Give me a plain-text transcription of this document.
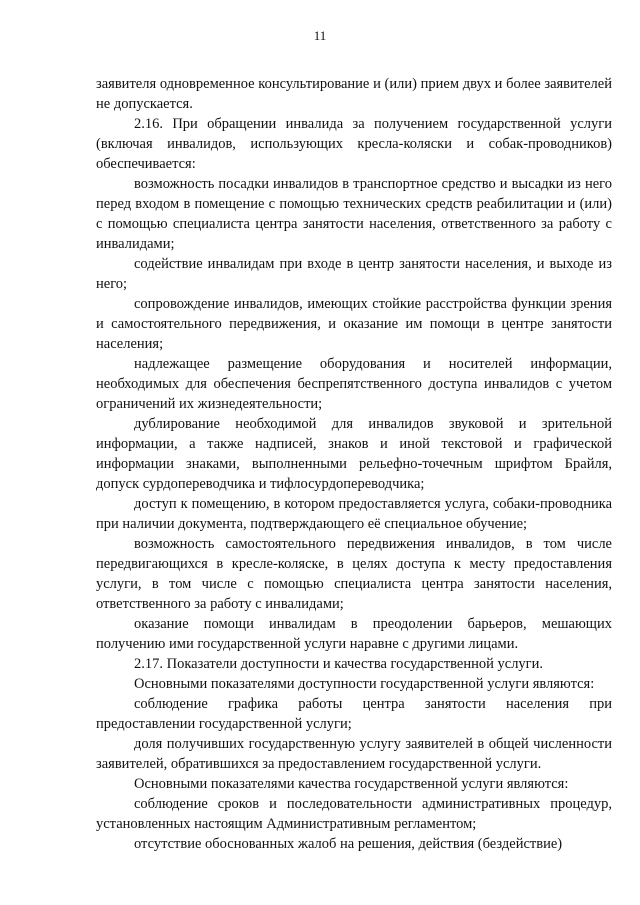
11

заявителя одновременное консультирование и (или) прием двух и более заявителей не допускается.

2.16. При обращении инвалида за получением государственной услуги (включая инвалидов, использующих кресла-коляски и собак-проводников) обеспечивается:

возможность посадки инвалидов в транспортное средство и высадки из него перед входом в помещение с помощью технических средств реабилитации и (или) с помощью специалиста центра занятости населения, ответственного за работу с инвалидами;

содействие инвалидам при входе в центр занятости населения, и выходе из него;

сопровождение инвалидов, имеющих стойкие расстройства функции зрения и самостоятельного передвижения, и оказание им помощи в центре занятости населения;

надлежащее размещение оборудования и носителей информации, необходимых для обеспечения беспрепятственного доступа инвалидов с учетом ограничений их жизнедеятельности;

дублирование необходимой для инвалидов звуковой и зрительной информации, а также надписей, знаков и иной текстовой и графической информации знаками, выполненными рельефно-точечным шрифтом Брайля, допуск сурдопереводчика и тифлосурдопереводчика;

доступ к помещению, в котором предоставляется услуга, собаки-проводника при наличии документа, подтверждающего её специальное обучение;

возможность самостоятельного передвижения инвалидов, в том числе передвигающихся в кресле-коляске, в целях доступа к месту предоставления услуги, в том числе с помощью специалиста центра занятости населения, ответственного за работу с инвалидами;

оказание помощи инвалидам в преодолении барьеров, мешающих получению ими государственной услуги наравне с другими лицами.

2.17. Показатели доступности и качества государственной услуги.

Основными показателями доступности государственной услуги являются:

соблюдение графика работы центра занятости населения при предоставлении государственной услуги;

доля получивших государственную услугу заявителей в общей численности заявителей, обратившихся за предоставлением государственной услуги.

Основными показателями качества государственной услуги являются:

соблюдение сроков и последовательности административных процедур, установленных настоящим Административным регламентом;

отсутствие обоснованных жалоб на решения, действия (бездействие)
